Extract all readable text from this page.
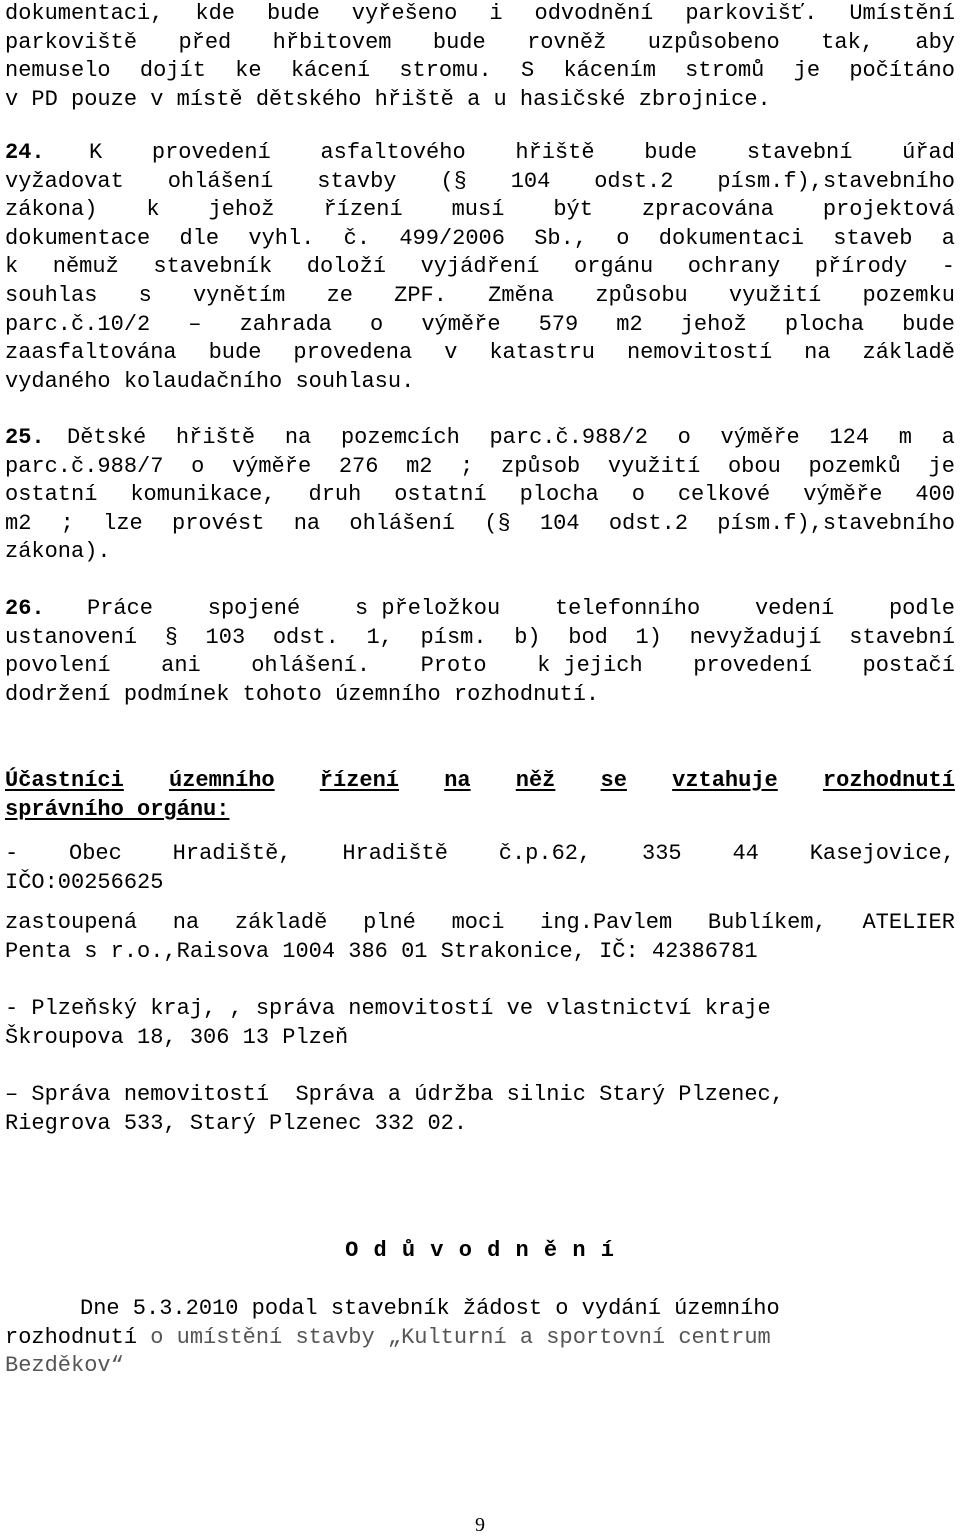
dokumentaci, kde bude vyřešeno i odvodnění parkovišť. Umístění
parkoviště před hřbitovem bude rovněž uzpůsobeno tak, aby
nemuselo dojít ke kácení stromu. S kácením stromů je počítáno
v PD pouze v místě dětského hřiště a u hasičské zbrojnice.
24.	K provedení asfaltového hřiště bude stavební úřad
vyžadovat ohlášení stavby (§ 104 odst.2 písm.f),stavebního
zákona) k jehož řízení musí být zpracována projektová
dokumentace dle vyhl. č. 499/2006 Sb., o dokumentaci staveb a
k němuž stavebník doloží vyjádření orgánu ochrany přírody -
souhlas s vynětím ze ZPF. Změna způsobu využití pozemku
parc.č.10/2 – zahrada o výměře 579 m2 jehož plocha bude
zaasfaltována bude provedena v katastru nemovitostí na základě
vydaného kolaudačního souhlasu.
25.	Dětské hřiště na pozemcích parc.č.988/2 o výměře 124 m a
parc.č.988/7 o výměře 276 m2 ; způsob využití obou pozemků je
ostatní komunikace, druh ostatní plocha o celkové výměře 400
m2 ; lze provést na ohlášení (§ 104 odst.2 písm.f),stavebního
zákona).
26.	Práce spojené s přeložkou telefonního vedení podle
ustanovení § 103 odst. 1, písm. b) bod 1) nevyžadují stavební
povolení ani ohlášení. Proto k jejich provedení postačí
dodržení podmínek tohoto územního rozhodnutí.
Účastníci územního řízení na něž se vztahuje rozhodnutí
správního orgánu:
- Obec Hradiště, Hradiště č.p.62, 335 44 Kasejovice,
IČO:00256625
zastoupená na základě plné moci ing.Pavlem Bublíkem, ATELIER
Penta s r.o.,Raisova 1004 386 01 Strakonice, IČ: 42386781
- Plzeňský kraj, , správa nemovitostí ve vlastnictví kraje
Škroupova 18, 306 13 Plzeň
– Správa nemovitostí  Správa a údržba silnic Starý Plzenec,
Riegrova 533, Starý Plzenec 332 02.
O d ů v o d n ě n í
Dne 5.3.2010 podal stavebník žádost o vydání územního
rozhodnutí o umístění stavby „Kulturní a sportovní centrum
Bezděkov“
9
